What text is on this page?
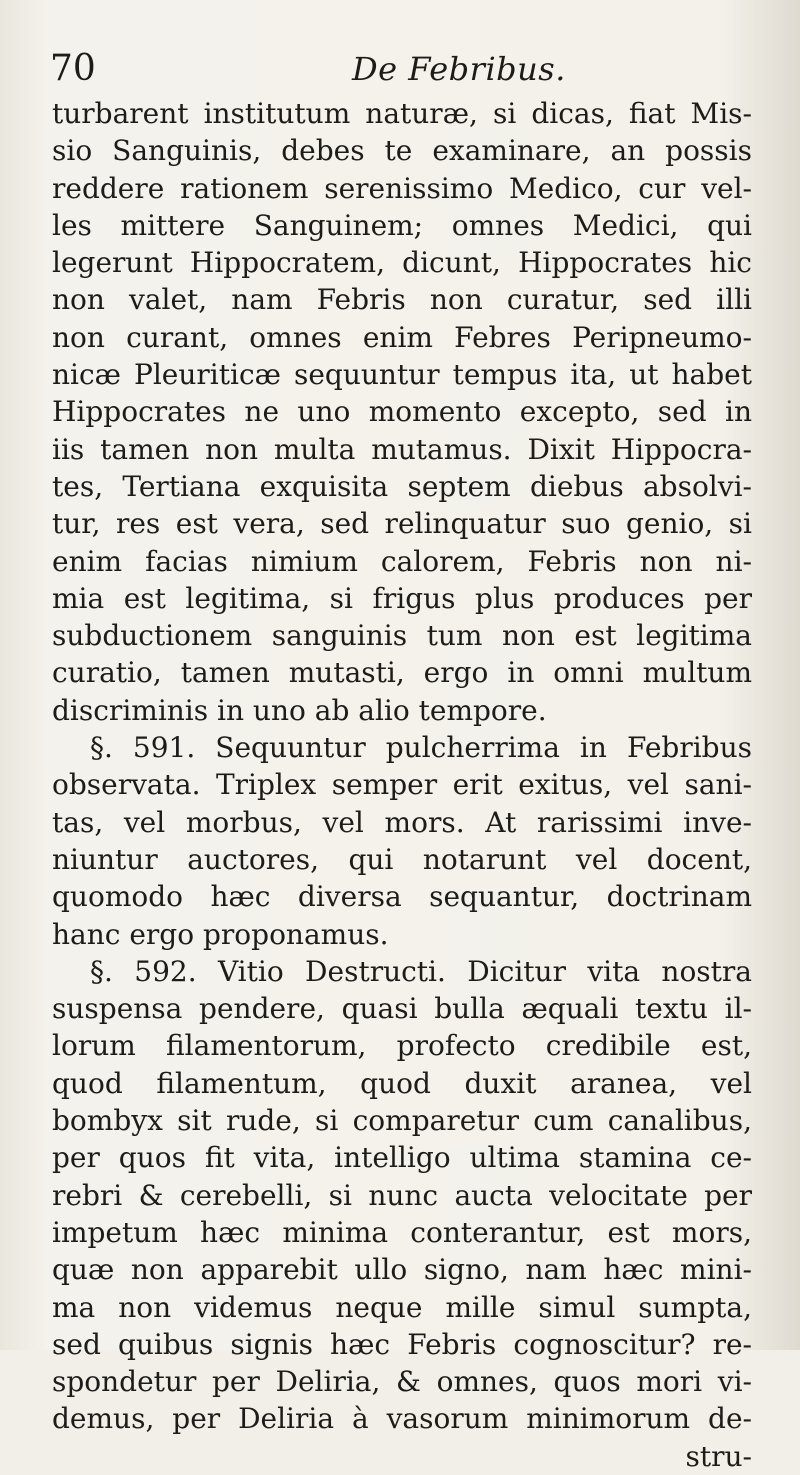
70	De Febribus.
turbarent institutum naturæ, si dicas, fiat Mis-
sio Sanguinis, debes te examinare, an possis
reddere rationem serenissimo Medico, cur vel-
les mittere Sanguinem; omnes Medici, qui
legerunt Hippocratem, dicunt, Hippocrates hic
non valet, nam Febris non curatur, sed illi
non curant, omnes enim Febres Peripneumo-
nicæ Pleuriticæ sequuntur tempus ita, ut habet
Hippocrates ne uno momento excepto, sed in
iis tamen non multa mutamus. Dixit Hippocra-
tes, Tertiana exquisita septem diebus absolvi-
tur, res est vera, sed relinquatur suo genio, si
enim facias nimium calorem, Febris non ni-
mia est legitima, si frigus plus produces per
subductionem sanguinis tum non est legitima
curatio, tamen mutasti, ergo in omni multum
discriminis in uno ab alio tempore.
§. 591. Sequuntur pulcherrima in Febribus
observata. Triplex semper erit exitus, vel sani-
tas, vel morbus, vel mors. At rarissimi inve-
niuntur auctores, qui notarunt vel docent,
quomodo hæc diversa sequantur, doctrinam
hanc ergo proponamus.
§. 592. Vitio Destructi. Dicitur vita nostra
suspensa pendere, quasi bulla æquali textu il-
lorum filamentorum, profecto credibile est,
quod filamentum, quod duxit aranea, vel
bombyx sit rude, si comparetur cum canalibus,
per quos fit vita, intelligo ultima stamina ce-
rebri & cerebelli, si nunc aucta velocitate per
impetum hæc minima conterantur, est mors,
quæ non apparebit ullo signo, nam hæc mini-
ma non videmus neque mille simul sumpta,
sed quibus signis hæc Febris cognoscitur? re-
spondetur per Deliria, & omnes, quos mori vi-
demus, per Deliria à vasorum minimorum de-
stru-
